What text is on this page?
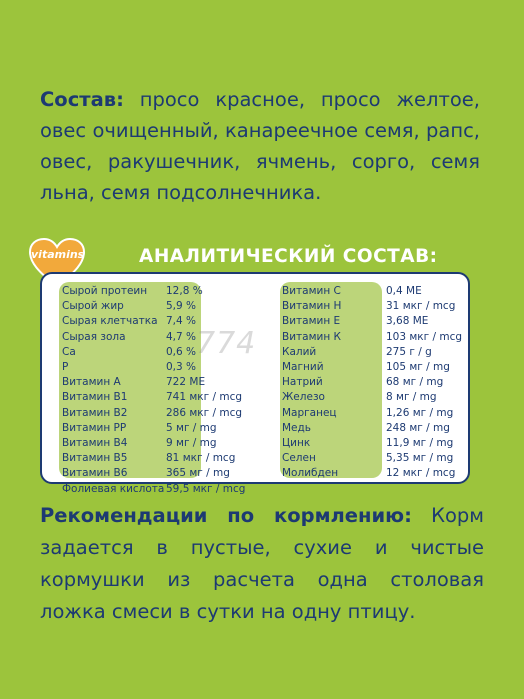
Состав: просо красное, просо желтое, овес очищенный, канареечное семя, рапс, овес, ракушечник, ячмень, сорго, семя льна, семя подсолнечника.
vitamins	АНАЛИТИЧЕСКИЙ СОСТАВ:
Сырой протеин
Сырой жир
Сырая клетчатка
Сырая зола
Ca
P
Витамин А
Витамин В1
Витамин В2
Витамин РР
Витамин В4
Витамин В5
Витамин В6
Фолиевая кислота
12,8 %
5,9 %
7,4 %
4,7 %
0,6 %
0,3 %
722 МЕ
741 мкг / mcg
286 мкг / mcg
5 мг / mg
9 мг / mg
81 мкг / mcg
365 мг / mg
59,5 мкг / mcg
Витамин С
Витамин Н
Витамин Е
Витамин К
Калий
Магний
Натрий
Железо
Марганец
Медь
Цинк
Селен
Молибден
0,4 МЕ
31 мкг / mcg
3,68 МЕ
103 мкг / mcg
275 г / g
105 мг / mg
68 мг / mg
8 мг / mg
1,26 мг / mg
248 мг / mg
11,9 мг / mg
5,35 мг / mg
12 мкг / mcg
774
Рекомендации по кормлению: Корм задается в пустые, сухие и чистые кормушки из расчета одна столовая ложка смеси в сутки на одну птицу.
